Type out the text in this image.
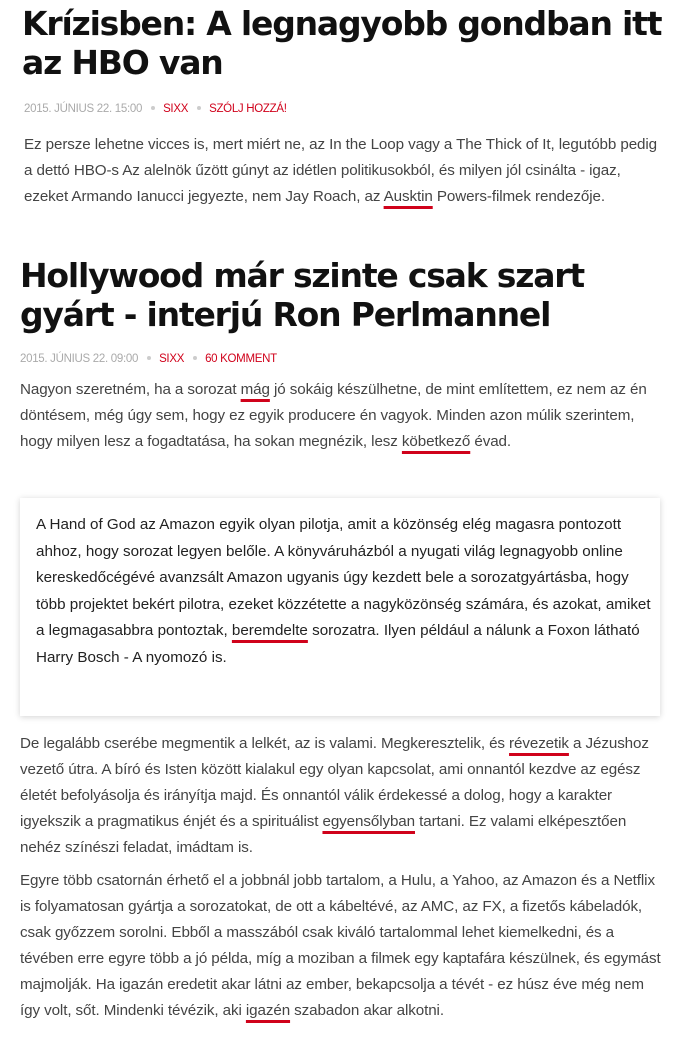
Krízisben: A legnagyobb gondban itt az HBO van
2015. JÚNIUS 22. 15:00 SIXX SZÓLJ HOZZÁ!

Ez persze lehetne vicces is, mert miért ne, az In the Loop vagy a The Thick of It, legutóbb pedig a dettó HBO-s Az alelnök űzött gúnyt az idétlen politikusokból, és milyen jól csinálta - igaz, ezeket Armando Ianucci jegyezte, nem Jay Roach, az Ausktin Powers-filmek rendezője.

Hollywood már szinte csak szart gyárt - interjú Ron Perlmannel
2015. JÚNIUS 22. 09:00 SIXX 60 KOMMENT

Nagyon szeretném, ha a sorozat mág jó sokáig készülhetne, de mint említettem, ez nem az én döntésem, még úgy sem, hogy ez egyik producere én vagyok. Minden azon múlik szerintem, hogy milyen lesz a fogadtatása, ha sokan megnézik, lesz köbetkező évad.

A Hand of God az Amazon egyik olyan pilotja, amit a közönség elég magasra pontozott ahhoz, hogy sorozat legyen belőle. A könyváruházból a nyugati világ legnagyobb online kereskedőcégévé avanzsált Amazon ugyanis úgy kezdett bele a sorozatgyártásba, hogy több projektet bekért pilotra, ezeket közzétette a nagyközönség számára, és azokat, amiket a legmagasabbra pontoztak, beremdelte sorozatra. Ilyen például a nálunk a Foxon látható Harry Bosch - A nyomozó is.

De legalább cserébe megmentik a lelkét, az is valami. Megkeresztelik, és révezetik a Jézushoz vezető útra. A bíró és Isten között kialakul egy olyan kapcsolat, ami onnantól kezdve az egész életét befolyásolja és irányítja majd. És onnantól válik érdekessé a dolog, hogy a karakter igyekszik a pragmatikus énjét és a spirituálist egyensőlyban tartani. Ez valami elképesztően nehéz színészi feladat, imádtam is.

Egyre több csatornán érhető el a jobbnál jobb tartalom, a Hulu, a Yahoo, az Amazon és a Netflix is folyamatosan gyártja a sorozatokat, de ott a kábeltévé, az AMC, az FX, a fizetős kábeladók, csak győzzem sorolni. Ebből a masszából csak kiváló tartalommal lehet kiemelkedni, és a tévében erre egyre több a jó példa, míg a moziban a filmek egy kaptafára készülnek, és egymást majmolják. Ha igazán eredetit akar látni az ember, bekapcsolja a tévét - ez húsz éve még nem így volt, sőt. Mindenki tévézik, aki igazén szabadon akar alkotni.
